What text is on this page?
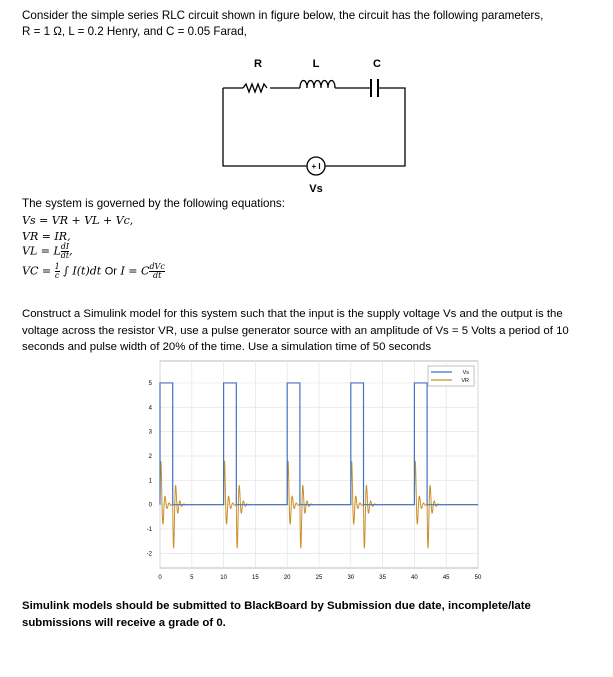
Consider the simple series RLC circuit shown in figure below, the circuit has the following parameters,
R = 1 Ω, L = 0.2 Henry, and C = 0.05 Farad,
R	L	C
+ I
Vs
The system is governed by the following equations:
Vs = VR + VL + Vc,
VR = IR,
VL = L $\frac{dI}{dt}$ ,
VC = $\frac{1}{c}$ ∫ I(t)dt Or I = C $\frac{\text{dVc}}{dt}$
Construct a Simulink model for this system such that the input is the supply voltage Vs and the output is the voltage across the resistor VR, use a pulse generator source with an amplitude of Vs = 5 Volts a period of 10 seconds and pulse width of 20% of the time. Use a simulation time of 50 seconds
0	5	10	15	20	25	30	35	40	45	50
-2
-1
0
1
2
3
4
5
Vs
VR
Simulink models should be submitted to BlackBoard by Submission due date, incomplete/late submissions will receive a grade of 0.
